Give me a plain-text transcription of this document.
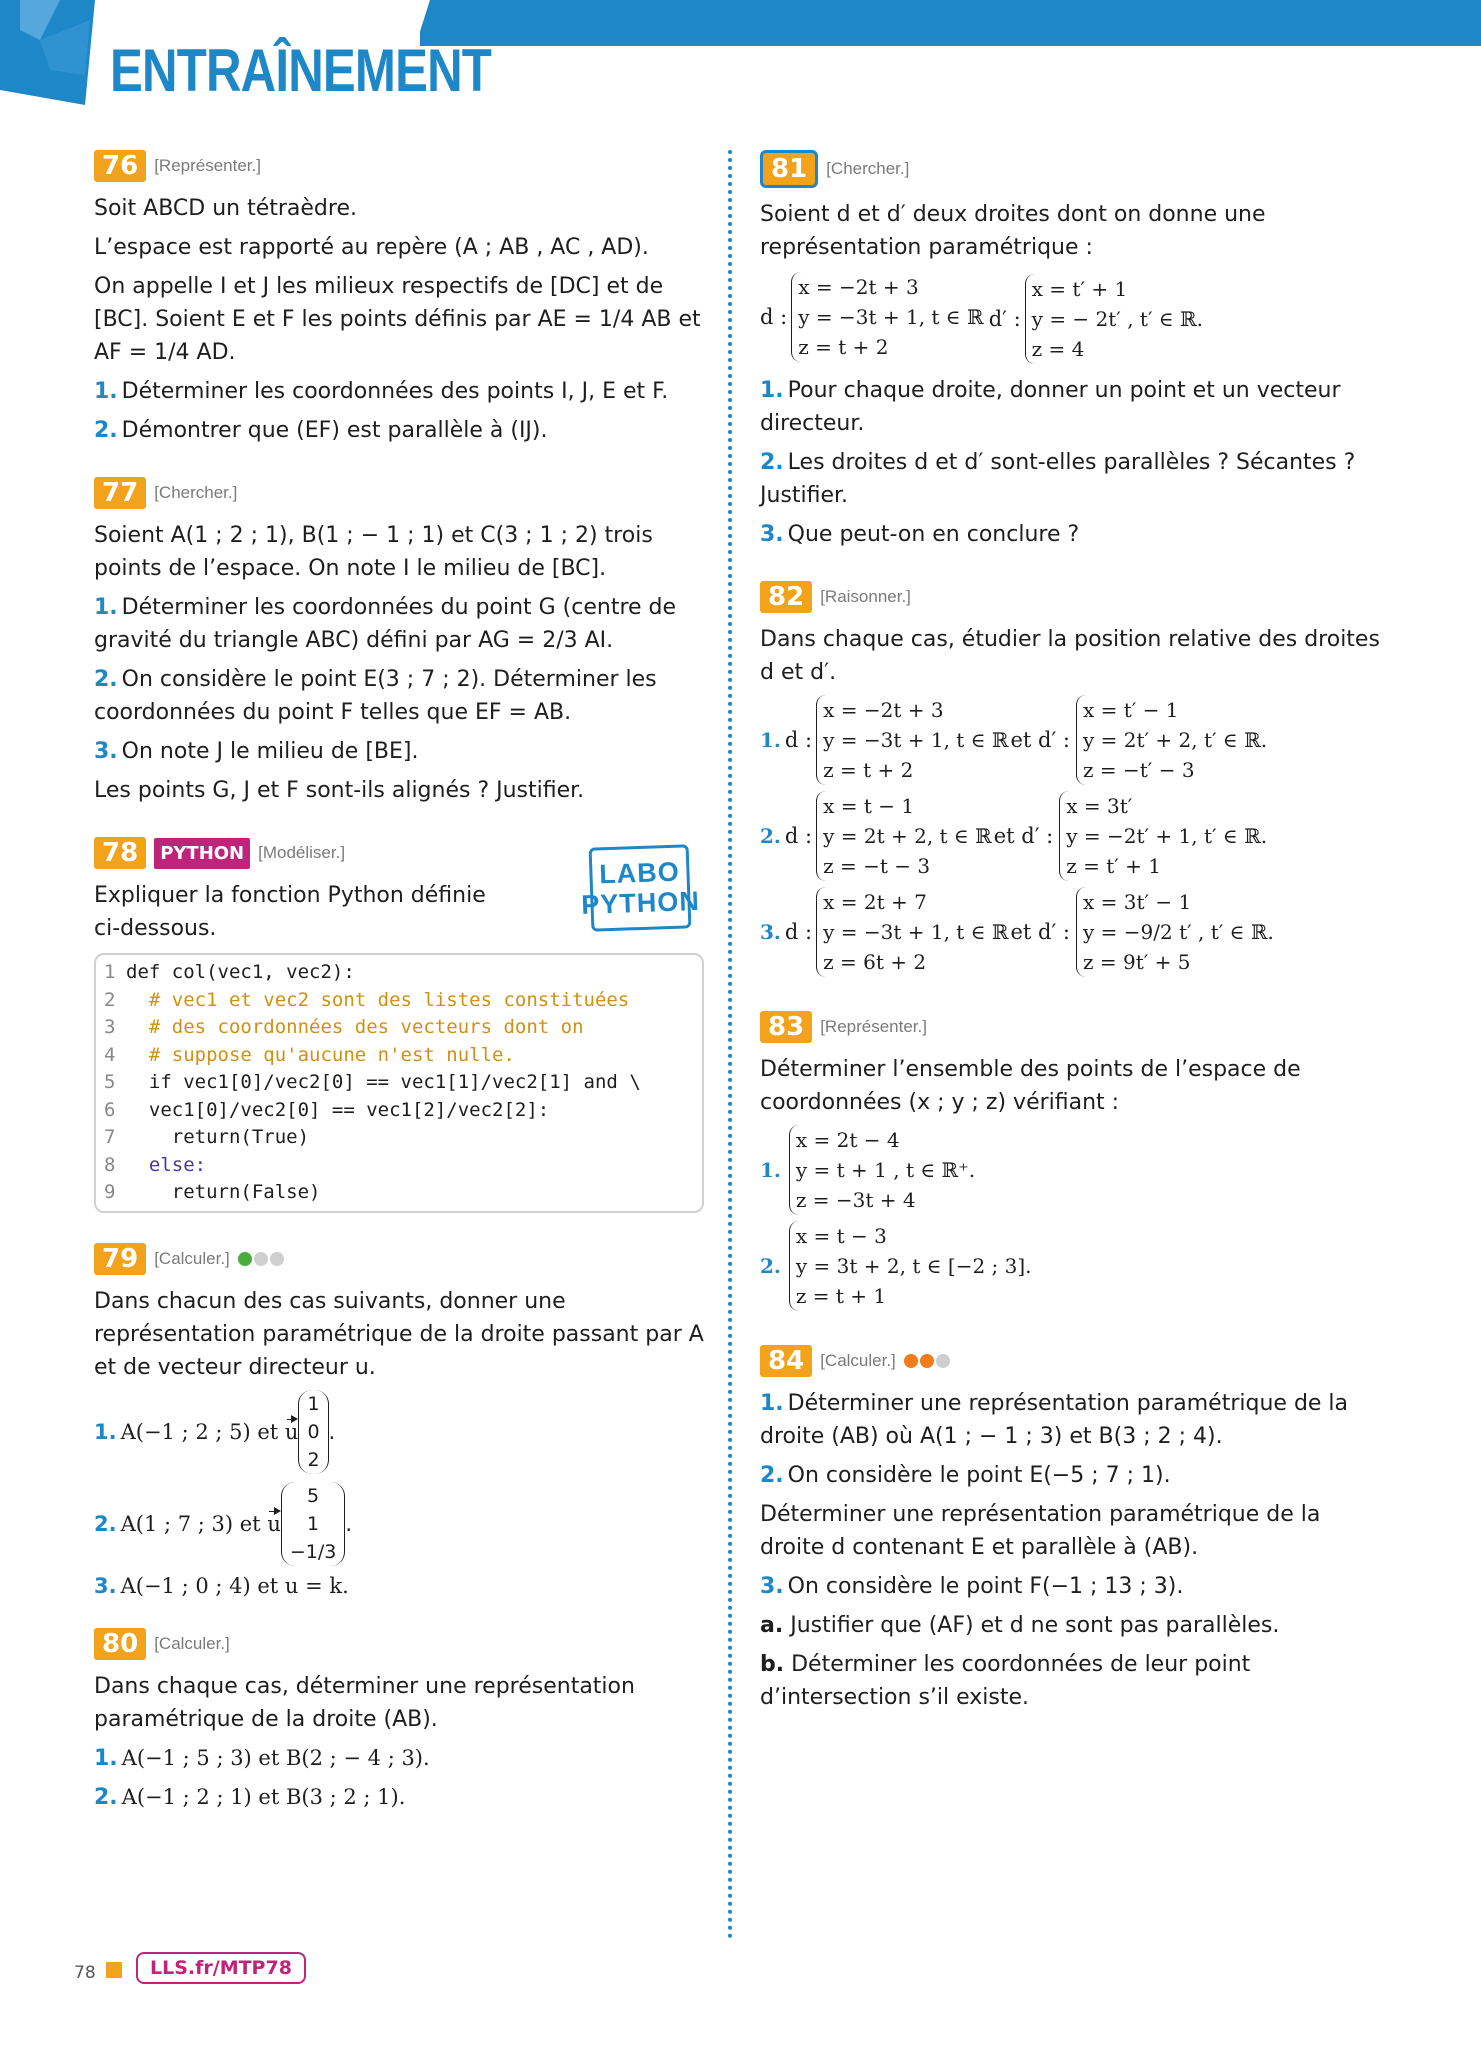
ENTRAÎNEMENT
76 [Représenter.]

Soit ABCD un tétraèdre.

L’espace est rapporté au repère (A ; AB , AC , AD).

On appelle I et J les milieux respectifs de [DC] et de [BC]. Soient E et F les points définis par AE = 1/4 AB et AF = 1/4 AD.

1. Déterminer les coordonnées des points I, J, E et F.
2. Démontrer que (EF) est parallèle à (IJ).
77 [Chercher.]

Soient A(1 ; 2 ; 1), B(1 ; − 1 ; 1) et C(3 ; 1 ; 2) trois points de l’espace. On note I le milieu de [BC].

1. Déterminer les coordonnées du point G (centre de gravité du triangle ABC) défini par AG = 2/3 AI.
2. On considère le point E(3 ; 7 ; 2). Déterminer les coordonnées du point F telles que EF = AB.
3. On note J le milieu de [BE].

Les points G, J et F sont-ils alignés ? Justifier.

78	PYTHON [Modéliser.]

Expliquer la fonction Python définie ci-dessous.

1 def col(vec1, vec2):
2 # vec1 et vec2 sont des listes constituées
3 # des coordonnées des vecteurs dont on
4 # suppose qu'aucune n'est nulle.
5 if vec1[0]/vec2[0] == vec1[1]/vec2[1] and \
6 vec1[0]/vec2[0] == vec1[2]/vec2[2]:
7 return(True)
8 else:
9 return(False)
79 [Calculer.]

Dans chacun des cas suivants, donner une représentation paramétrique de la droite passant par A et de vecteur directeur u.

1. A(−1 ; 2 ; 5) et
u
1
0
2
.
2. A(1 ; 7 ; 3) et
u
5
1
−1/3
.
3. A(−1 ; 0 ; 4) et u = k.
80 [Calculer.]

Dans chaque cas, déterminer une représentation paramétrique de la droite (AB).

1. A(−1 ; 5 ; 3) et B(2 ; − 4 ; 3).
2. A(−1 ; 2 ; 1) et B(3 ; 2 ; 1).
LABO
PYTHON
81	[Chercher.]

Soient d et d′ deux droites dont on donne une représentation paramétrique :

d :
x = −2t + 3
y = −3t + 1, t ∈ ℝ
z = t + 2

d′ :
x = t′ + 1
y = − 2t′ , t′ ∈ ℝ.
z = 4
1. Pour chaque droite, donner un point et un vecteur directeur.
2. Les droites d et d′ sont-elles parallèles ? Sécantes ? Justifier.
3. Que peut-on en conclure ?
82 [Raisonner.]

Dans chaque cas, étudier la position relative des droites d et d′.

1. d :
x = −2t + 3
y = −3t + 1, t ∈ ℝ
z = t + 2
et d′ :
x = t′ − 1
y = 2t′ + 2, t′ ∈ ℝ.
z = −t′ − 3

2. d :
x = t − 1
y = 2t + 2, t ∈ ℝ
z = −t − 3
et d′ :
x = 3t′
y = −2t′ + 1, t′ ∈ ℝ.
z = t′ + 1

3. d :
x = 2t + 7
y = −3t + 1, t ∈ ℝ
z = 6t + 2
et d′ :
x = 3t′ − 1
y = −9/2 t′ , t′ ∈ ℝ.
z = 9t′ + 5
83 [Représenter.]

Déterminer l’ensemble des points de l’espace de coordonnées (x ; y ; z) vérifiant :

1.
x = 2t − 4
y = t + 1 , t ∈ ℝ⁺.
z = −3t + 4

2.
x = t − 3
y = 3t + 2, t ∈ [−2 ; 3].
z = t + 1
84 [Calculer.]
1. Déterminer une représentation paramétrique de la droite (AB) où A(1 ; − 1 ; 3) et B(3 ; 2 ; 4).
2. On considère le point E(−5 ; 7 ; 1).

Déterminer une représentation paramétrique de la droite d contenant E et parallèle à (AB).

3. On considère le point F(−1 ; 13 ; 3).
a. Justifier que (AF) et d ne sont pas parallèles.
b. Déterminer les coordonnées de leur point d’intersection s’il existe.
78	LLS.fr/MTP78
